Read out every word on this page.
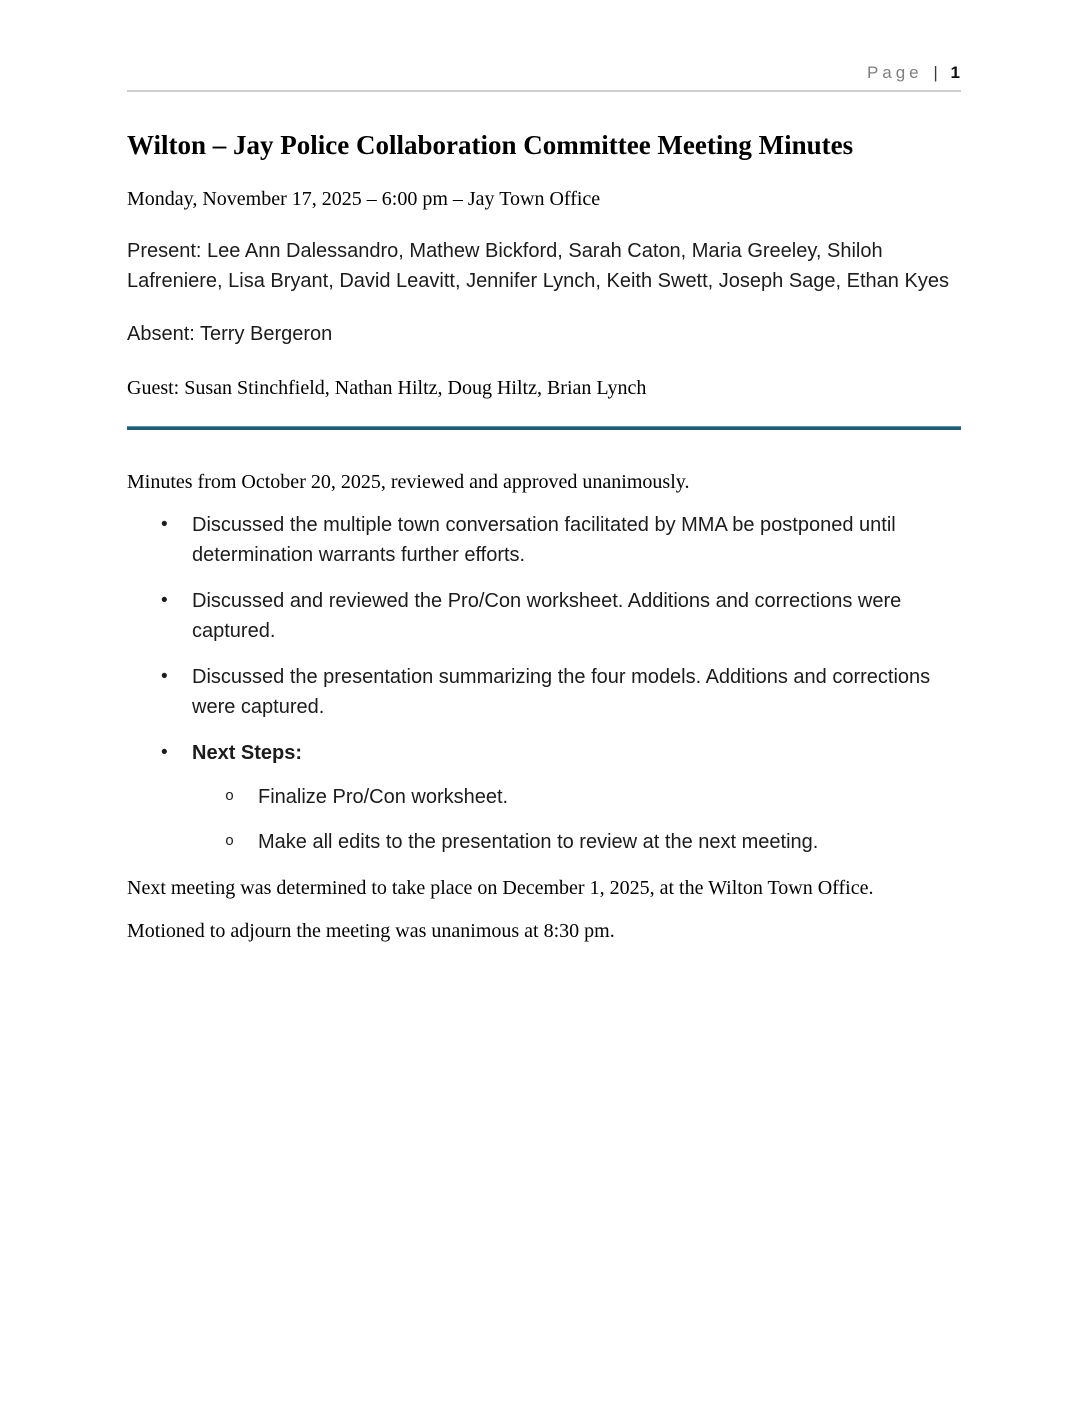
Page | 1
Wilton – Jay Police Collaboration Committee Meeting Minutes

Monday, November 17, 2025 – 6:00 pm – Jay Town Office

Present: Lee Ann Dalessandro, Mathew Bickford, Sarah Caton, Maria Greeley, Shiloh Lafreniere, Lisa Bryant, David Leavitt, Jennifer Lynch, Keith Swett, Joseph Sage, Ethan Kyes

Absent: Terry Bergeron

Guest: Susan Stinchfield, Nathan Hiltz, Doug Hiltz, Brian Lynch

Minutes from October 20, 2025, reviewed and approved unanimously.

• Discussed the multiple town conversation facilitated by MMA be postponed until determination warrants further efforts.
• Discussed and reviewed the Pro/Con worksheet. Additions and corrections were captured.
• Discussed the presentation summarizing the four models. Additions and corrections were captured.
• Next Steps:
o Finalize Pro/Con worksheet.
o Make all edits to the presentation to review at the next meeting.

Next meeting was determined to take place on December 1, 2025, at the Wilton Town Office.

Motioned to adjourn the meeting was unanimous at 8:30 pm.
